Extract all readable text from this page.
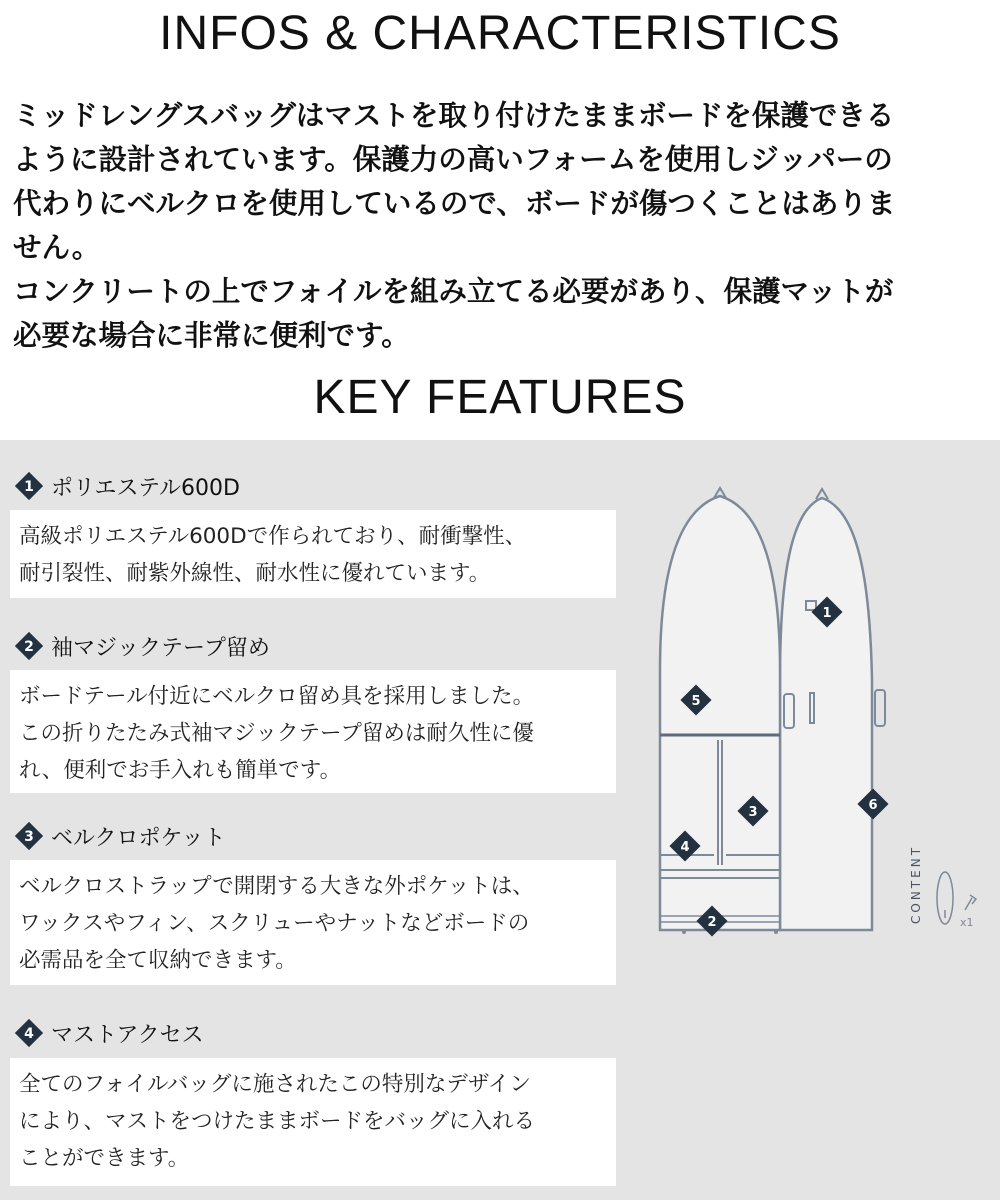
INFOS & CHARACTERISTICS
ミッドレングスバッグはマストを取り付けたままボードを保護できる
ように設計されています。保護力の高いフォームを使用しジッパーの
代わりにベルクロを使用しているので、ボードが傷つくことはありま
せん。
コンクリートの上でフォイルを組み立てる必要があり、保護マットが
必要な場合に非常に便利です。
KEY FEATURES
1 ポリエステル600D
高級ポリエステル600Dで作られており、耐衝撃性、
耐引裂性、耐紫外線性、耐水性に優れています。
2 袖マジックテープ留め
ボードテール付近にベルクロ留め具を採用しました。
この折りたたみ式袖マジックテープ留めは耐久性に優
れ、便利でお手入れも簡単です。
3 ベルクロポケット
ベルクロストラップで開閉する大きな外ポケットは、
ワックスやフィン、スクリューやナットなどボードの
必需品を全て収納できます。
4 マストアクセス
全てのフォイルバッグに施されたこの特別なデザイン
により、マストをつけたままボードをバッグに入れる
ことができます。
1
2
3
4
5
6
CONTENT	x1
